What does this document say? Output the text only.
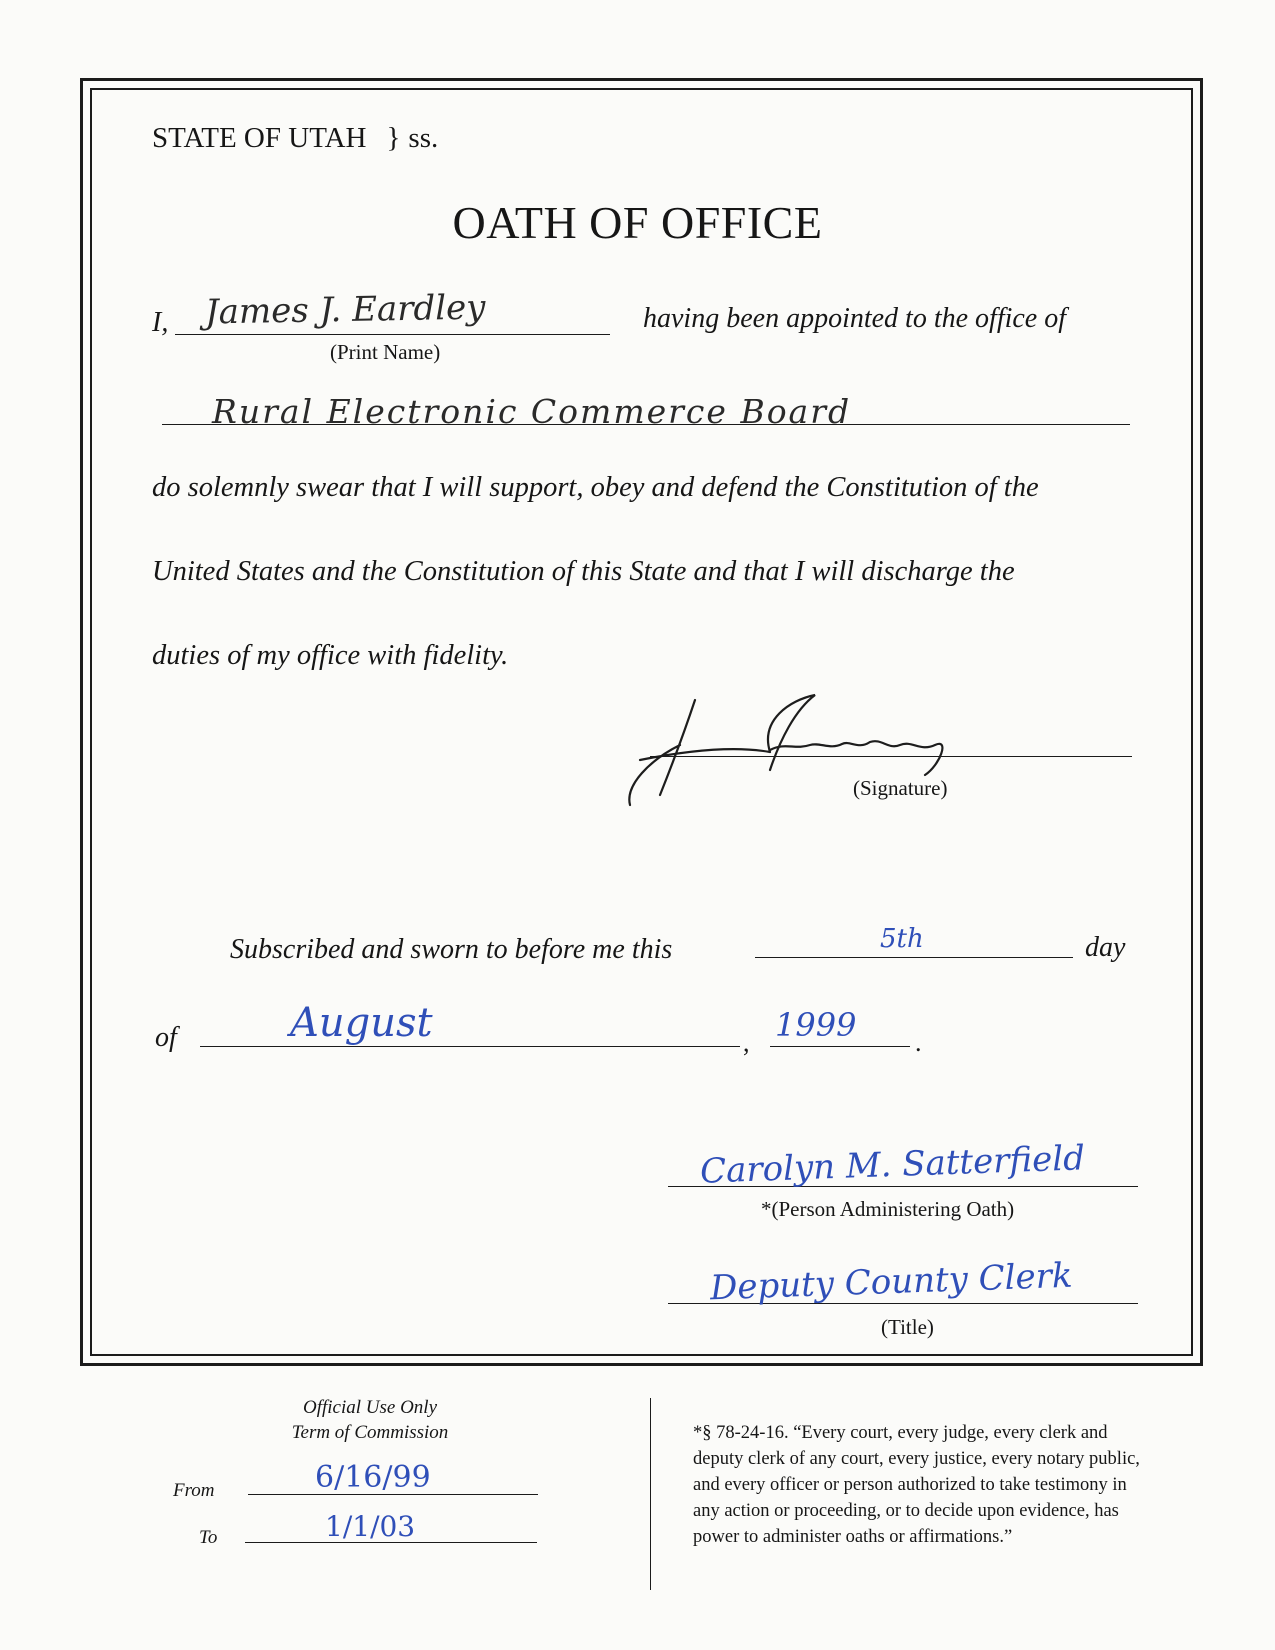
STATE OF UTAH } ss.
OATH OF OFFICE
I, James J. Eardley
(Print Name)
having been appointed to the office of
Rural Electronic Commerce Board
do solemnly swear that I will support, obey and defend the Constitution of the
United States and the Constitution of this State and that I will discharge the
duties of my office with fidelity.
(Signature)
Subscribed and sworn to before me this	5th	day
of	August	, 1999 .
Carolyn M. Satterfield
*(Person Administering Oath)
Deputy County Clerk
(Title)
Official Use Only
Term of Commission
From	6/16/99
To	1/1/03
*§ 78-24-16. “Every court, every judge, every clerk and
deputy clerk of any court, every justice, every notary public,
and every officer or person authorized to take testimony in
any action or proceeding, or to decide upon evidence, has
power to administer oaths or affirmations.”
